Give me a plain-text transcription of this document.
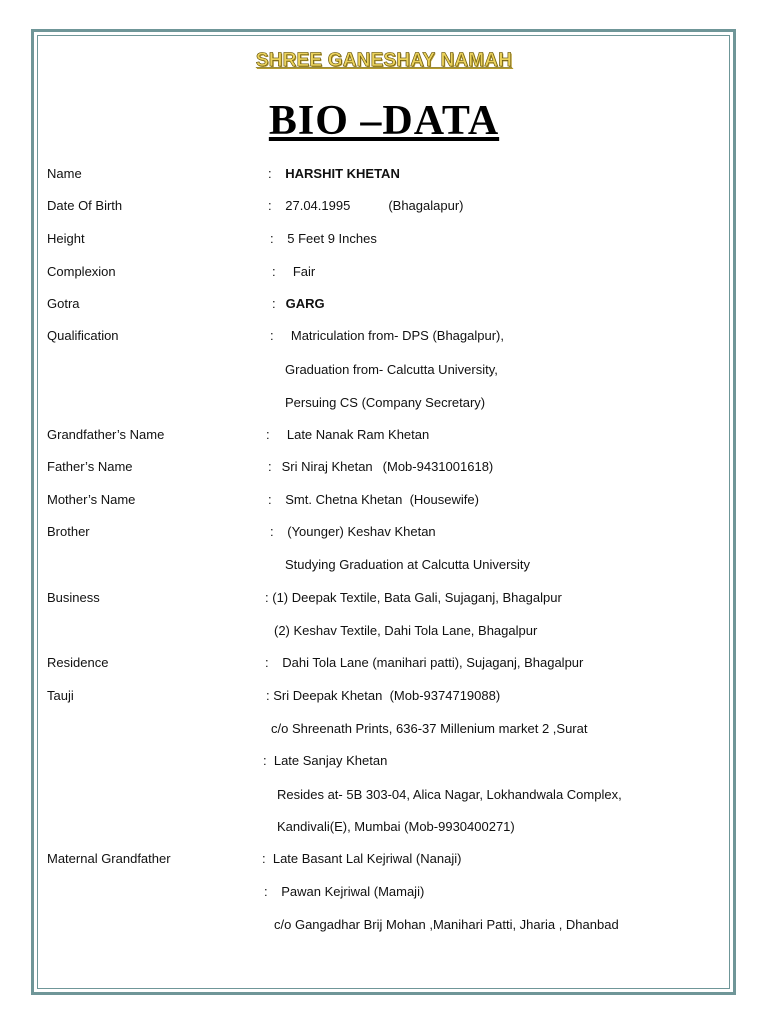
SHREE GANESHAY NAMAH
BIO –DATA
Name	: HARSHIT KHETAN
Date Of Birth	: 27.04.1995	(Bhagalapur)
Height	: 5 Feet 9 Inches
Complexion	: Fair
Gotra	: GARG
Qualification	: Matriculation from- DPS (Bhagalpur),
Graduation from- Calcutta University,
Persuing CS (Company Secretary)
Grandfather’s Name	: Late Nanak Ram Khetan
Father’s Name	: Sri Niraj Khetan (Mob-9431001618)
Mother’s Name	: Smt. Chetna Khetan (Housewife)
Brother	: (Younger) Keshav Khetan
Studying Graduation at Calcutta University
Business	: (1) Deepak Textile, Bata Gali, Sujaganj, Bhagalpur
(2) Keshav Textile, Dahi Tola Lane, Bhagalpur
Residence	: Dahi Tola Lane (manihari patti), Sujaganj, Bhagalpur
Tauji	: Sri Deepak Khetan (Mob-9374719088)
c/o Shreenath Prints, 636-37 Millenium market 2 ,Surat
:  Late Sanjay Khetan
Resides at- 5B 303-04, Alica Nagar, Lokhandwala Complex,
Kandivali(E), Mumbai (Mob-9930400271)
Maternal Grandfather	:  Late Basant Lal Kejriwal (Nanaji)
: Pawan Kejriwal (Mamaji)
c/o Gangadhar Brij Mohan ,Manihari Patti, Jharia , Dhanbad
